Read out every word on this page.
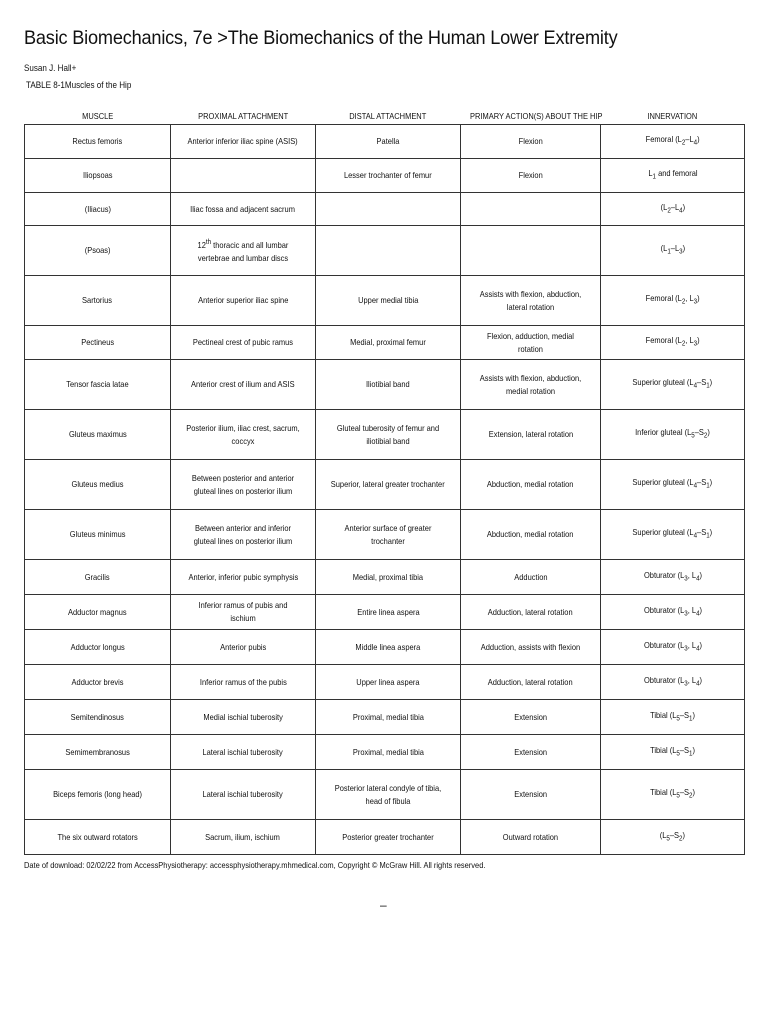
Basic Biomechanics, 7e >The Biomechanics of the Human Lower Extremity
Susan J. Hall+
TABLE 8-1Muscles of the Hip
MUSCLE	PROXIMAL ATTACHMENT	DISTAL ATTACHMENT	PRIMARY ACTION(S) ABOUT THE HIP	INNERVATION
Rectus femoris	Anterior inferior iliac spine (ASIS)	Patella	Flexion	Femoral $(L_2-L_4)$
Iliopsoas		Lesser trochanter of femur	Flexion	$L_1$ and femoral
(Iliacus)	Iliac fossa and adjacent sacrum			$(L_2-L_4)$
(Psoas)	12th thoracic and all lumbar vertebrae and lumbar discs			$(L_1-L_3)$
Sartorius	Anterior superior iliac spine	Upper medial tibia	Assists with flexion, abduction, lateral rotation	Femoral ($L_2$, $L_3$)
Pectineus	Pectineal crest of pubic ramus	Medial, proximal femur	Flexion, adduction, medial rotation	Femoral ($L_2$, $L_3$)
Tensor fascia latae	Anterior crest of ilium and ASIS	Iliotibial band	Assists with flexion, abduction, medial rotation	Superior gluteal $(L_4-S_1)$
Gluteus maximus	Posterior ilium, iliac crest, sacrum, coccyx	Gluteal tuberosity of femur and iliotibial band	Extension, lateral rotation	Inferior gluteal $(L_5-S_2)$
Gluteus medius	Between posterior and anterior gluteal lines on posterior ilium	Superior, lateral greater trochanter	Abduction, medial rotation	Superior gluteal $(L_4-S_1)$
Gluteus minimus	Between anterior and inferior gluteal lines on posterior ilium	Anterior surface of greater trochanter	Abduction, medial rotation	Superior gluteal $(L_4-S_1)$
Gracilis	Anterior, inferior pubic symphysis	Medial, proximal tibia	Adduction	Obturator ($L_3$, $L_4$)
Adductor magnus	Inferior ramus of pubis and ischium	Entire linea aspera	Adduction, lateral rotation	Obturator ($L_3$, $L_4$)
Adductor longus	Anterior pubis	Middle linea aspera	Adduction, assists with flexion	Obturator ($L_3$, $L_4$)
Adductor brevis	Inferior ramus of the pubis	Upper linea aspera	Adduction, lateral rotation	Obturator ($L_3$, $L_4$)
Semitendinosus	Medial ischial tuberosity	Proximal, medial tibia	Extension	Tibial $(L_5-S_1)$
Semimembranosus	Lateral ischial tuberosity	Proximal, medial tibia	Extension	Tibial $(L_5-S_1)$
Biceps femoris (long head)	Lateral ischial tuberosity	Posterior lateral condyle of tibia, head of fibula	Extension	Tibial $(L_5-S_2)$
The six outward rotators	Sacrum, ilium, ischium	Posterior greater trochanter	Outward rotation	$(L_5-S_2)$
Date of download: 02/02/22 from AccessPhysiotherapy: accessphysiotherapy.mhmedical.com, Copyright © McGraw Hill. All rights reserved.
–
